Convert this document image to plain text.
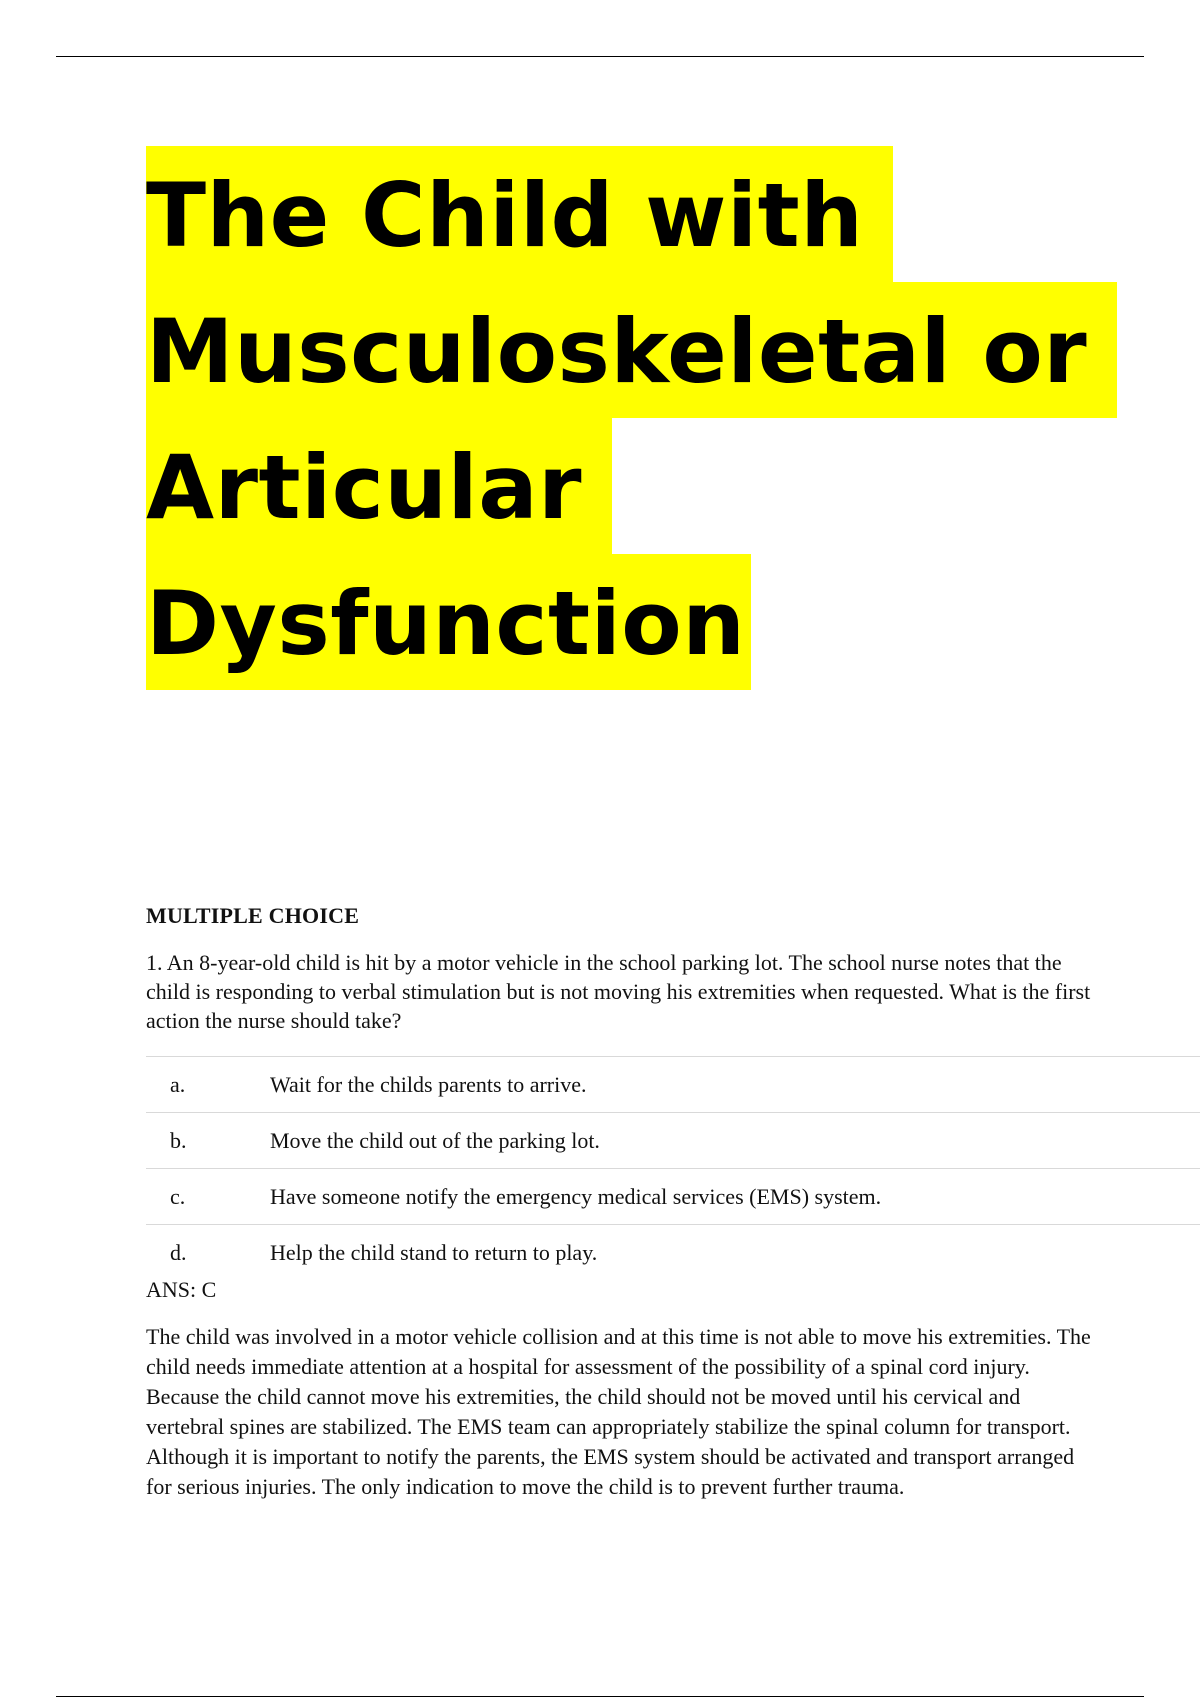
The Child with
Musculoskeletal or
Articular
Dysfunction
MULTIPLE CHOICE
1. An 8-year-old child is hit by a motor vehicle in the school parking lot. The school nurse notes that the child is responding to verbal stimulation but is not moving his extremities when requested. What is the first action the nurse should take?
a.	Wait for the childs parents to arrive.
b.	Move the child out of the parking lot.
c.	Have someone notify the emergency medical services (EMS) system.
d.	Help the child stand to return to play.
ANS: C
The child was involved in a motor vehicle collision and at this time is not able to move his extremities. The child needs immediate attention at a hospital for assessment of the possibility of a spinal cord injury. Because the child cannot move his extremities, the child should not be moved until his cervical and vertebral spines are stabilized. The EMS team can appropriately stabilize the spinal column for transport. Although it is important to notify the parents, the EMS system should be activated and transport arranged for serious injuries. The only indication to move the child is to prevent further trauma.
